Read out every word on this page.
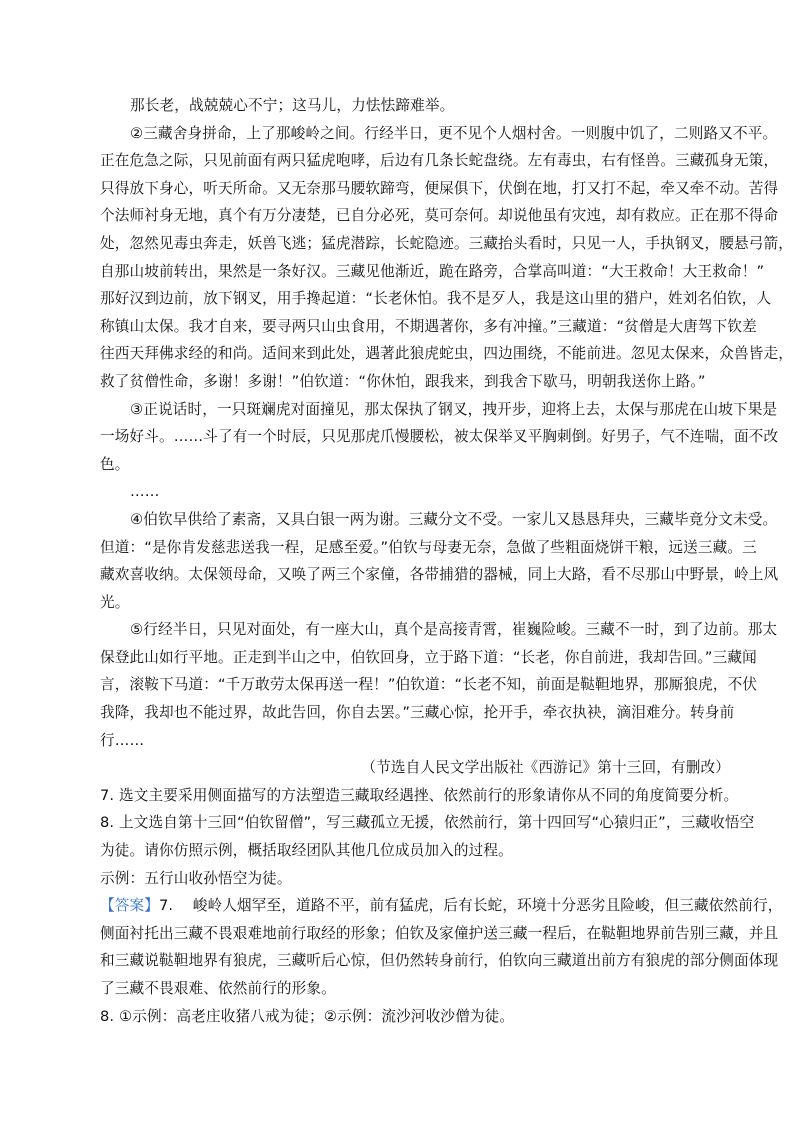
那长老，战兢兢心不宁；这马儿，力怯怯蹄难举。
②三藏舍身拼命，上了那峻岭之间。行经半日，更不见个人烟村舍。一则腹中饥了，二则路又不平。
正在危急之际，只见前面有两只猛虎咆哮，后边有几条长蛇盘绕。左有毒虫，右有怪兽。三藏孤身无策，
只得放下身心，听天所命。又无奈那马腰软蹄弯，便屎俱下，伏倒在地，打又打不起，牵又牵不动。苦得
个法师衬身无地，真个有万分凄楚，已自分必死，莫可奈何。却说他虽有灾迍，却有救应。正在那不得命
处，忽然见毒虫奔走，妖兽飞逃；猛虎潜踪，长蛇隐迹。三藏抬头看时，只见一人，手执钢叉，腰悬弓箭，
自那山坡前转出，果然是一条好汉。三藏见他渐近，跪在路旁，合掌高叫道：“大王救命！大王救命！”
那好汉到边前，放下钢叉，用手搀起道：“长老休怕。我不是歹人，我是这山里的猎户，姓刘名伯钦，人
称镇山太保。我才自来，要寻两只山虫食用，不期遇著你，多有冲撞。”三藏道：“贫僧是大唐驾下钦差
往西天拜佛求经的和尚。适间来到此处，遇著此狼虎蛇虫，四边围绕，不能前进。忽见太保来，众兽皆走，
救了贫僧性命，多谢！多谢！”伯钦道：“你休怕，跟我来，到我舍下歇马，明朝我送你上路。”
③正说话时，一只斑斓虎对面撞见，那太保执了钢叉，拽开步，迎将上去，太保与那虎在山坡下果是
一场好斗。……斗了有一个时辰，只见那虎爪慢腰松，被太保举叉平胸刺倒。好男子，气不连喘，面不改
色。
……
④伯钦早供给了素斋，又具白银一两为谢。三藏分文不受。一家儿又恳恳拜央，三藏毕竟分文未受。
但道：“是你肯发慈悲送我一程，足感至爱。”伯钦与母妻无奈，急做了些粗面烧饼干粮，远送三藏。三
藏欢喜收纳。太保领母命，又唤了两三个家僮，各带捕猎的器械，同上大路，看不尽那山中野景，岭上风
光。
⑤行经半日，只见对面处，有一座大山，真个是高接青霄，崔巍险峻。三藏不一时，到了边前。那太
保登此山如行平地。正走到半山之中，伯钦回身，立于路下道：“长老，你自前进，我却告回。”三藏闻
言，滚鞍下马道：“千万敢劳太保再送一程！”伯钦道：“长老不知，前面是鞑靼地界，那厮狼虎，不伏
我降，我却也不能过界，故此告回，你自去罢。”三藏心惊，抡开手，牵衣执袂，滴泪难分。转身前
行……
（节选自人民文学出版社《西游记》第十三回，有删改）
7. 选文主要采用侧面描写的方法塑造三藏取经遇挫、依然前行的形象请你从不同的角度简要分析。
8. 上文选自第十三回“伯钦留僧”，写三藏孤立无援，依然前行，第十四回写“心猿归正”，三藏收悟空
为徒。请你仿照示例，概括取经团队其他几位成员加入的过程。
示例：五行山收孙悟空为徒。
【答案】7.　 峻岭人烟罕至，道路不平，前有猛虎，后有长蛇，环境十分恶劣且险峻，但三藏依然前行，
侧面衬托出三藏不畏艰难地前行取经的形象；伯钦及家僮护送三藏一程后，在鞑靼地界前告别三藏，并且
和三藏说鞑靼地界有狼虎，三藏听后心惊，但仍然转身前行，伯钦向三藏道出前方有狼虎的部分侧面体现
了三藏不畏艰难、依然前行的形象。
8. ①示例：高老庄收猪八戒为徒；②示例：流沙河收沙僧为徒。
